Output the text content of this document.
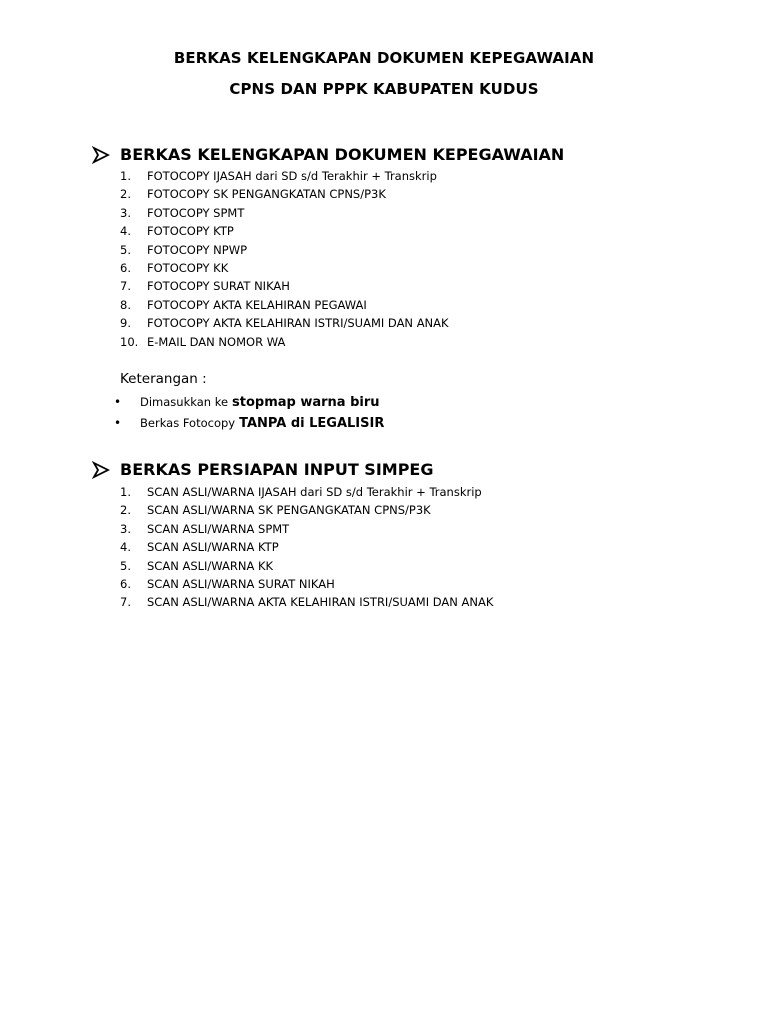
BERKAS KELENGKAPAN DOKUMEN KEPEGAWAIAN
CPNS DAN PPPK KABUPATEN KUDUS
BERKAS KELENGKAPAN DOKUMEN KEPEGAWAIAN
1.	FOTOCOPY IJASAH dari SD s/d Terakhir + Transkrip
2.	FOTOCOPY SK PENGANGKATAN CPNS/P3K
3.	FOTOCOPY SPMT
4.	FOTOCOPY KTP
5.	FOTOCOPY NPWP
6.	FOTOCOPY KK
7.	FOTOCOPY SURAT NIKAH
8.	FOTOCOPY AKTA KELAHIRAN PEGAWAI
9.	FOTOCOPY AKTA KELAHIRAN ISTRI/SUAMI DAN ANAK
10. E-MAIL DAN NOMOR WA
Keterangan :
•	Dimasukkan ke stopmap warna biru
•	Berkas Fotocopy TANPA di LEGALISIR
BERKAS PERSIAPAN INPUT SIMPEG
1.	SCAN ASLI/WARNA IJASAH dari SD s/d Terakhir + Transkrip
2.	SCAN ASLI/WARNA SK PENGANGKATAN CPNS/P3K
3.	SCAN ASLI/WARNA SPMT
4.	SCAN ASLI/WARNA KTP
5.	SCAN ASLI/WARNA KK
6.	SCAN ASLI/WARNA SURAT NIKAH
7.	SCAN ASLI/WARNA AKTA KELAHIRAN ISTRI/SUAMI DAN ANAK
